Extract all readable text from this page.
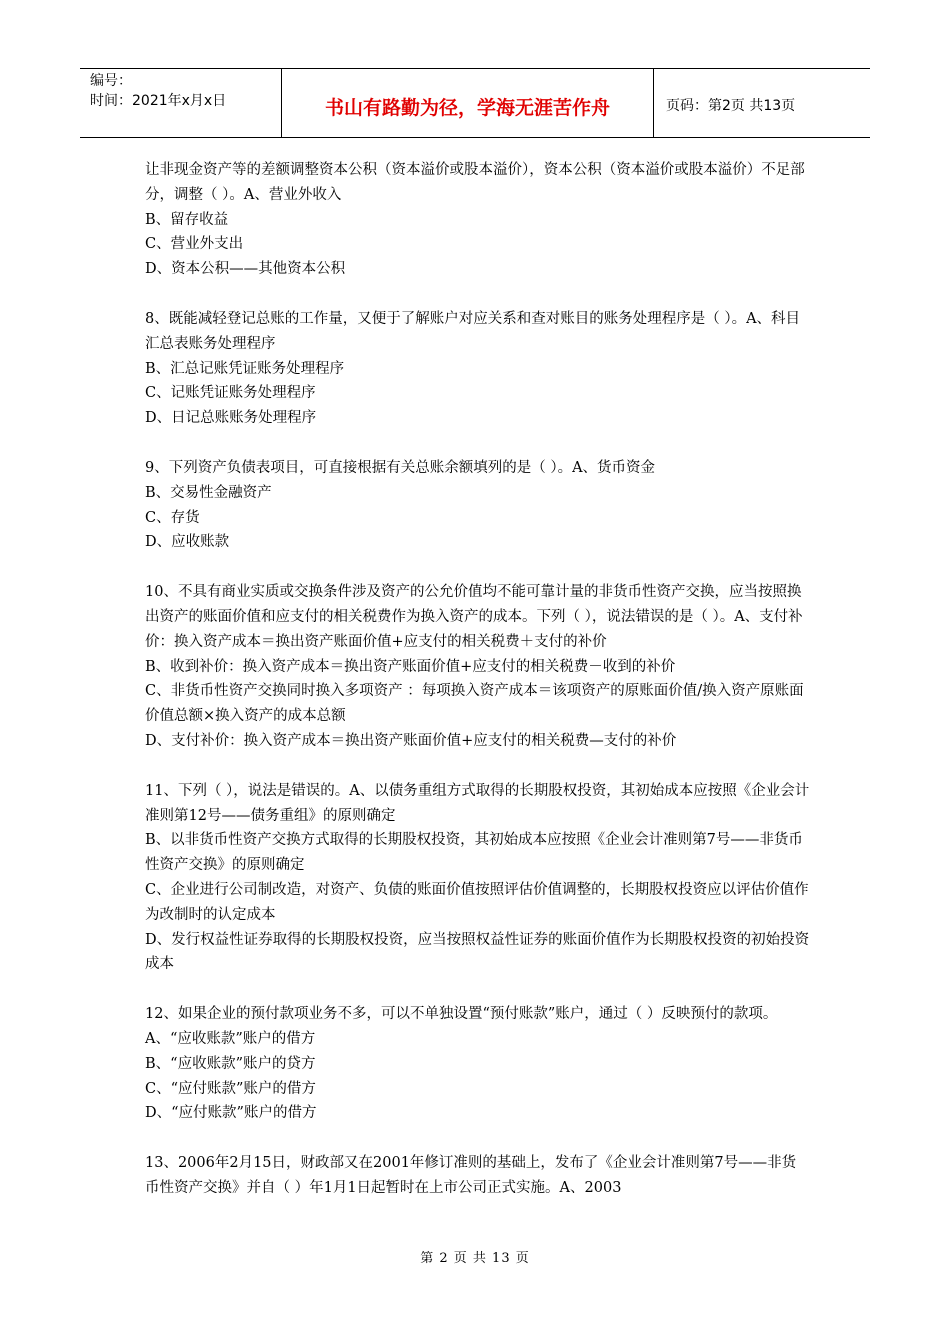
编号：
时间：2021年x月x日	书山有路勤为径，学海无涯苦作舟	页码：第2页 共13页

让非现金资产等的差额调整资本公积（资本溢价或股本溢价），资本公积（资本溢价或股本溢价）不足部分，调整（ ）。A、营业外收入

B、留存收益

C、营业外支出

D、资本公积——其他资本公积

8、既能减轻登记总账的工作量，又便于了解账户对应关系和查对账目的账务处理程序是（ ）。A、科目汇总表账务处理程序

B、汇总记账凭证账务处理程序

C、记账凭证账务处理程序

D、日记总账账务处理程序

9、下列资产负债表项目，可直接根据有关总账余额填列的是（ ）。A、货币资金

B、交易性金融资产

C、存货

D、应收账款

10、不具有商业实质或交换条件涉及资产的公允价值均不能可靠计量的非货币性资产交换，应当按照换出资产的账面价值和应支付的相关税费作为换入资产的成本。下列（ ），说法错误的是（ ）。A、支付补价：换入资产成本＝换出资产账面价值+应支付的相关税费＋支付的补价

B、收到补价：换入资产成本＝换出资产账面价值+应支付的相关税费－收到的补价

C、非货币性资产交换同时换入多项资产 ：每项换入资产成本＝该项资产的原账面价值/换入资产原账面价值总额×换入资产的成本总额

D、支付补价：换入资产成本＝换出资产账面价值+应支付的相关税费—支付的补价

11、下列（ ），说法是错误的。A、以债务重组方式取得的长期股权投资，其初始成本应按照《企业会计准则第12号——债务重组》的原则确定

B、以非货币性资产交换方式取得的长期股权投资，其初始成本应按照《企业会计准则第7号——非货币性资产交换》的原则确定

C、企业进行公司制改造，对资产、负债的账面价值按照评估价值调整的，长期股权投资应以评估价值作为改制时的认定成本

D、发行权益性证券取得的长期股权投资，应当按照权益性证券的账面价值作为长期股权投资的初始投资成本

12、如果企业的预付款项业务不多，可以不单独设置“预付账款”账户，通过（ ）反映预付的款项。A、“应收账款”账户的借方

B、“应收账款”账户的贷方

C、“应付账款”账户的借方

D、“应付账款”账户的借方

13、2006年2月15日，财政部又在2001年修订准则的基础上，发布了《企业会计准则第7号——非货币性资产交换》并自（ ）年1月1日起暂时在上市公司正式实施。A、2003

第 2 页 共 13 页
